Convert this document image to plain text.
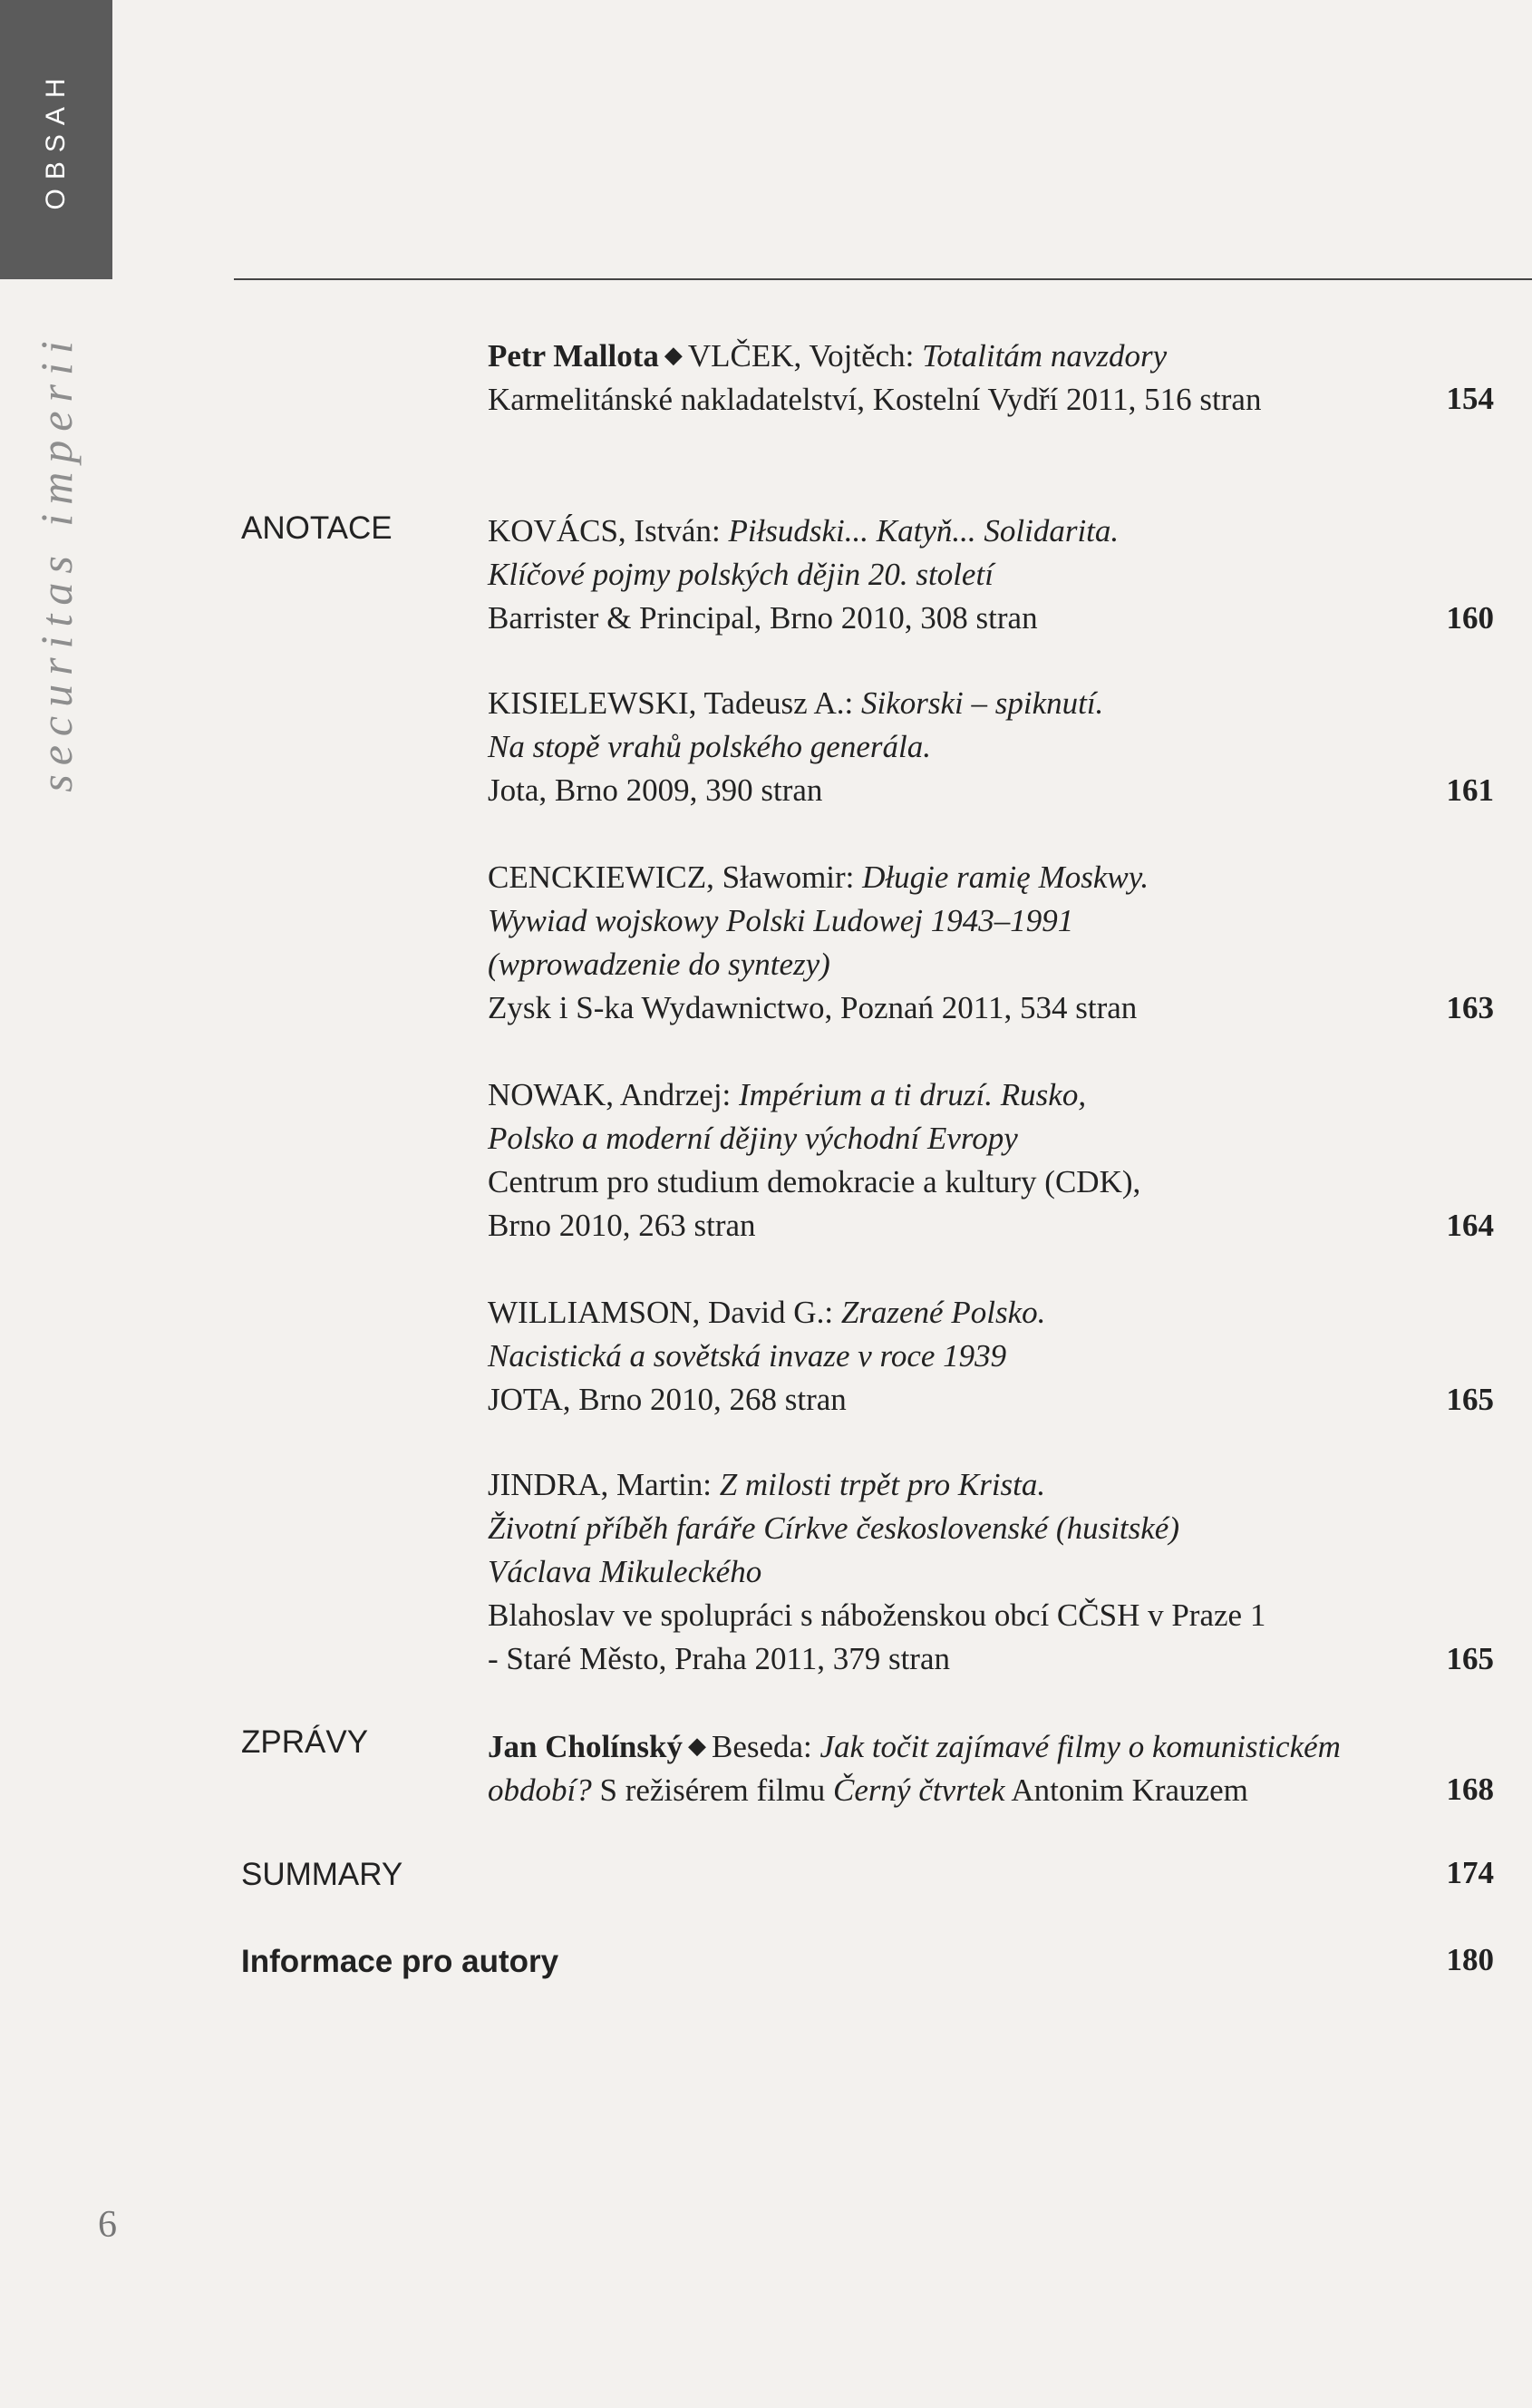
OBSAH
securitas imperii	Petr Mallota ◆ VLČEK, Vojtěch: Totalitám navzdory
Karmelitánské nakladatelství, Kostelní Vydří 2011, 516 stran	154
ANOTACE	KOVÁCS, István: Piłsudski... Katyň... Solidarita.
Klíčové pojmy polských dějin 20. století
Barrister & Principal, Brno 2010, 308 stran	160
KISIELEWSKI, Tadeusz A.: Sikorski – spiknutí.
Na stopě vrahů polského generála.
Jota, Brno 2009, 390 stran	161
CENCKIEWICZ, Sławomir: Długie ramię Moskwy.
Wywiad wojskowy Polski Ludowej 1943–1991
(wprowadzenie do syntezy)
Zysk i S-ka Wydawnictwo, Poznań 2011, 534 stran	163
NOWAK, Andrzej: Impérium a ti druzí. Rusko,
Polsko a moderní dějiny východní Evropy
Centrum pro studium demokracie a kultury (CDK),
Brno 2010, 263 stran	164
WILLIAMSON, David G.: Zrazené Polsko.
Nacistická a sovětská invaze v roce 1939
JOTA, Brno 2010, 268 stran	165
JINDRA, Martin: Z milosti trpět pro Krista.
Životní příběh faráře Církve československé (husitské)
Václava Mikuleckého
Blahoslav ve spolupráci s náboženskou obcí CČSH v Praze 1
- Staré Město, Praha 2011, 379 stran	165
ZPRÁVY	Jan Cholínský ◆ Beseda: Jak točit zajímavé filmy o komunistickém
období? S režisérem filmu Černý čtvrtek Antonim Krauzem	168
SUMMARY	174
Informace pro autory	180
6
